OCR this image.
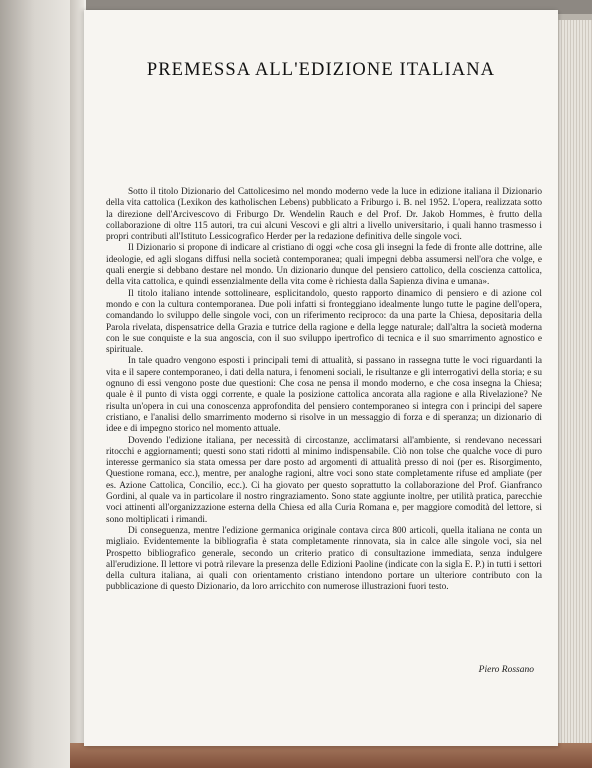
PREMESSA ALL'EDIZIONE ITALIANA

Sotto il titolo Dizionario del Cattolicesimo nel mondo moderno vede la luce in edizione italiana il Dizionario della vita cattolica (Lexikon des katholischen Lebens) pubblicato a Friburgo i. B. nel 1952. L'opera, realizzata sotto la direzione dell'Arcivescovo di Friburgo Dr. Wendelin Rauch e del Prof. Dr. Jakob Hommes, è frutto della collaborazione di oltre 115 autori, tra cui alcuni Vescovi e gli altri a livello universitario, i quali hanno trasmesso i propri contributi all'Istituto Lessicografico Herder per la redazione definitiva delle singole voci.

Il Dizionario si propone di indicare al cristiano di oggi «che cosa gli insegni la fede di fronte alle dottrine, alle ideologie, ed agli slogans diffusi nella società contemporanea; quali impegni debba assumersi nell'ora che volge, e quali energie si debbano destare nel mondo. Un dizionario dunque del pensiero cattolico, della coscienza cattolica, della vita cattolica, e quindi essenzialmente della vita come è richiesta dalla Sapienza divina e umana».

Il titolo italiano intende sottolineare, esplicitandolo, questo rapporto dinamico di pensiero e di azione col mondo e con la cultura contemporanea. Due poli infatti si fronteggiano idealmente lungo tutte le pagine dell'opera, comandando lo sviluppo delle singole voci, con un riferimento reciproco: da una parte la Chiesa, depositaria della Parola rivelata, dispensatrice della Grazia e tutrice della ragione e della legge naturale; dall'altra la società moderna con le sue conquiste e la sua angoscia, con il suo sviluppo ipertrofico di tecnica e il suo smarrimento agnostico e spirituale.

In tale quadro vengono esposti i principali temi di attualità, si passano in rassegna tutte le voci riguardanti la vita e il sapere contemporaneo, i dati della natura, i fenomeni sociali, le risultanze e gli interrogativi della storia; e su ognuno di essi vengono poste due questioni: Che cosa ne pensa il mondo moderno, e che cosa insegna la Chiesa; quale è il punto di vista oggi corrente, e quale la posizione cattolica ancorata alla ragione e alla Rivelazione? Ne risulta un'opera in cui una conoscenza approfondita del pensiero contemporaneo si integra con i principi del sapere cristiano, e l'analisi dello smarrimento moderno si risolve in un messaggio di forza e di speranza; un dizionario di idee e di impegno storico nel momento attuale.

Dovendo l'edizione italiana, per necessità di circostanze, acclimatarsi all'ambiente, si rendevano necessari ritocchi e aggiornamenti; questi sono stati ridotti al minimo indispensabile. Ciò non tolse che qualche voce di puro interesse germanico sia stata omessa per dare posto ad argomenti di attualità presso di noi (per es. Risorgimento, Questione romana, ecc.), mentre, per analoghe ragioni, altre voci sono state completamente rifuse ed ampliate (per es. Azione Cattolica, Concilio, ecc.). Ci ha giovato per questo soprattutto la collaborazione del Prof. Gianfranco Gordini, al quale va in particolare il nostro ringraziamento. Sono state aggiunte inoltre, per utilità pratica, parecchie voci attinenti all'organizzazione esterna della Chiesa ed alla Curia Romana e, per maggiore comodità del lettore, si sono moltiplicati i rimandi.

Di conseguenza, mentre l'edizione germanica originale contava circa 800 articoli, quella italiana ne conta un migliaio. Evidentemente la bibliografia è stata completamente rinnovata, sia in calce alle singole voci, sia nel Prospetto bibliografico generale, secondo un criterio pratico di consultazione immediata, senza indulgere all'erudizione. Il lettore vi potrà rilevare la presenza delle Edizioni Paoline (indicate con la sigla E. P.) in tutti i settori della cultura italiana, ai quali con orientamento cristiano intendono portare un ulteriore contributo con la pubblicazione di questo Dizionario, da loro arricchito con numerose illustrazioni fuori testo.

Piero Rossano
